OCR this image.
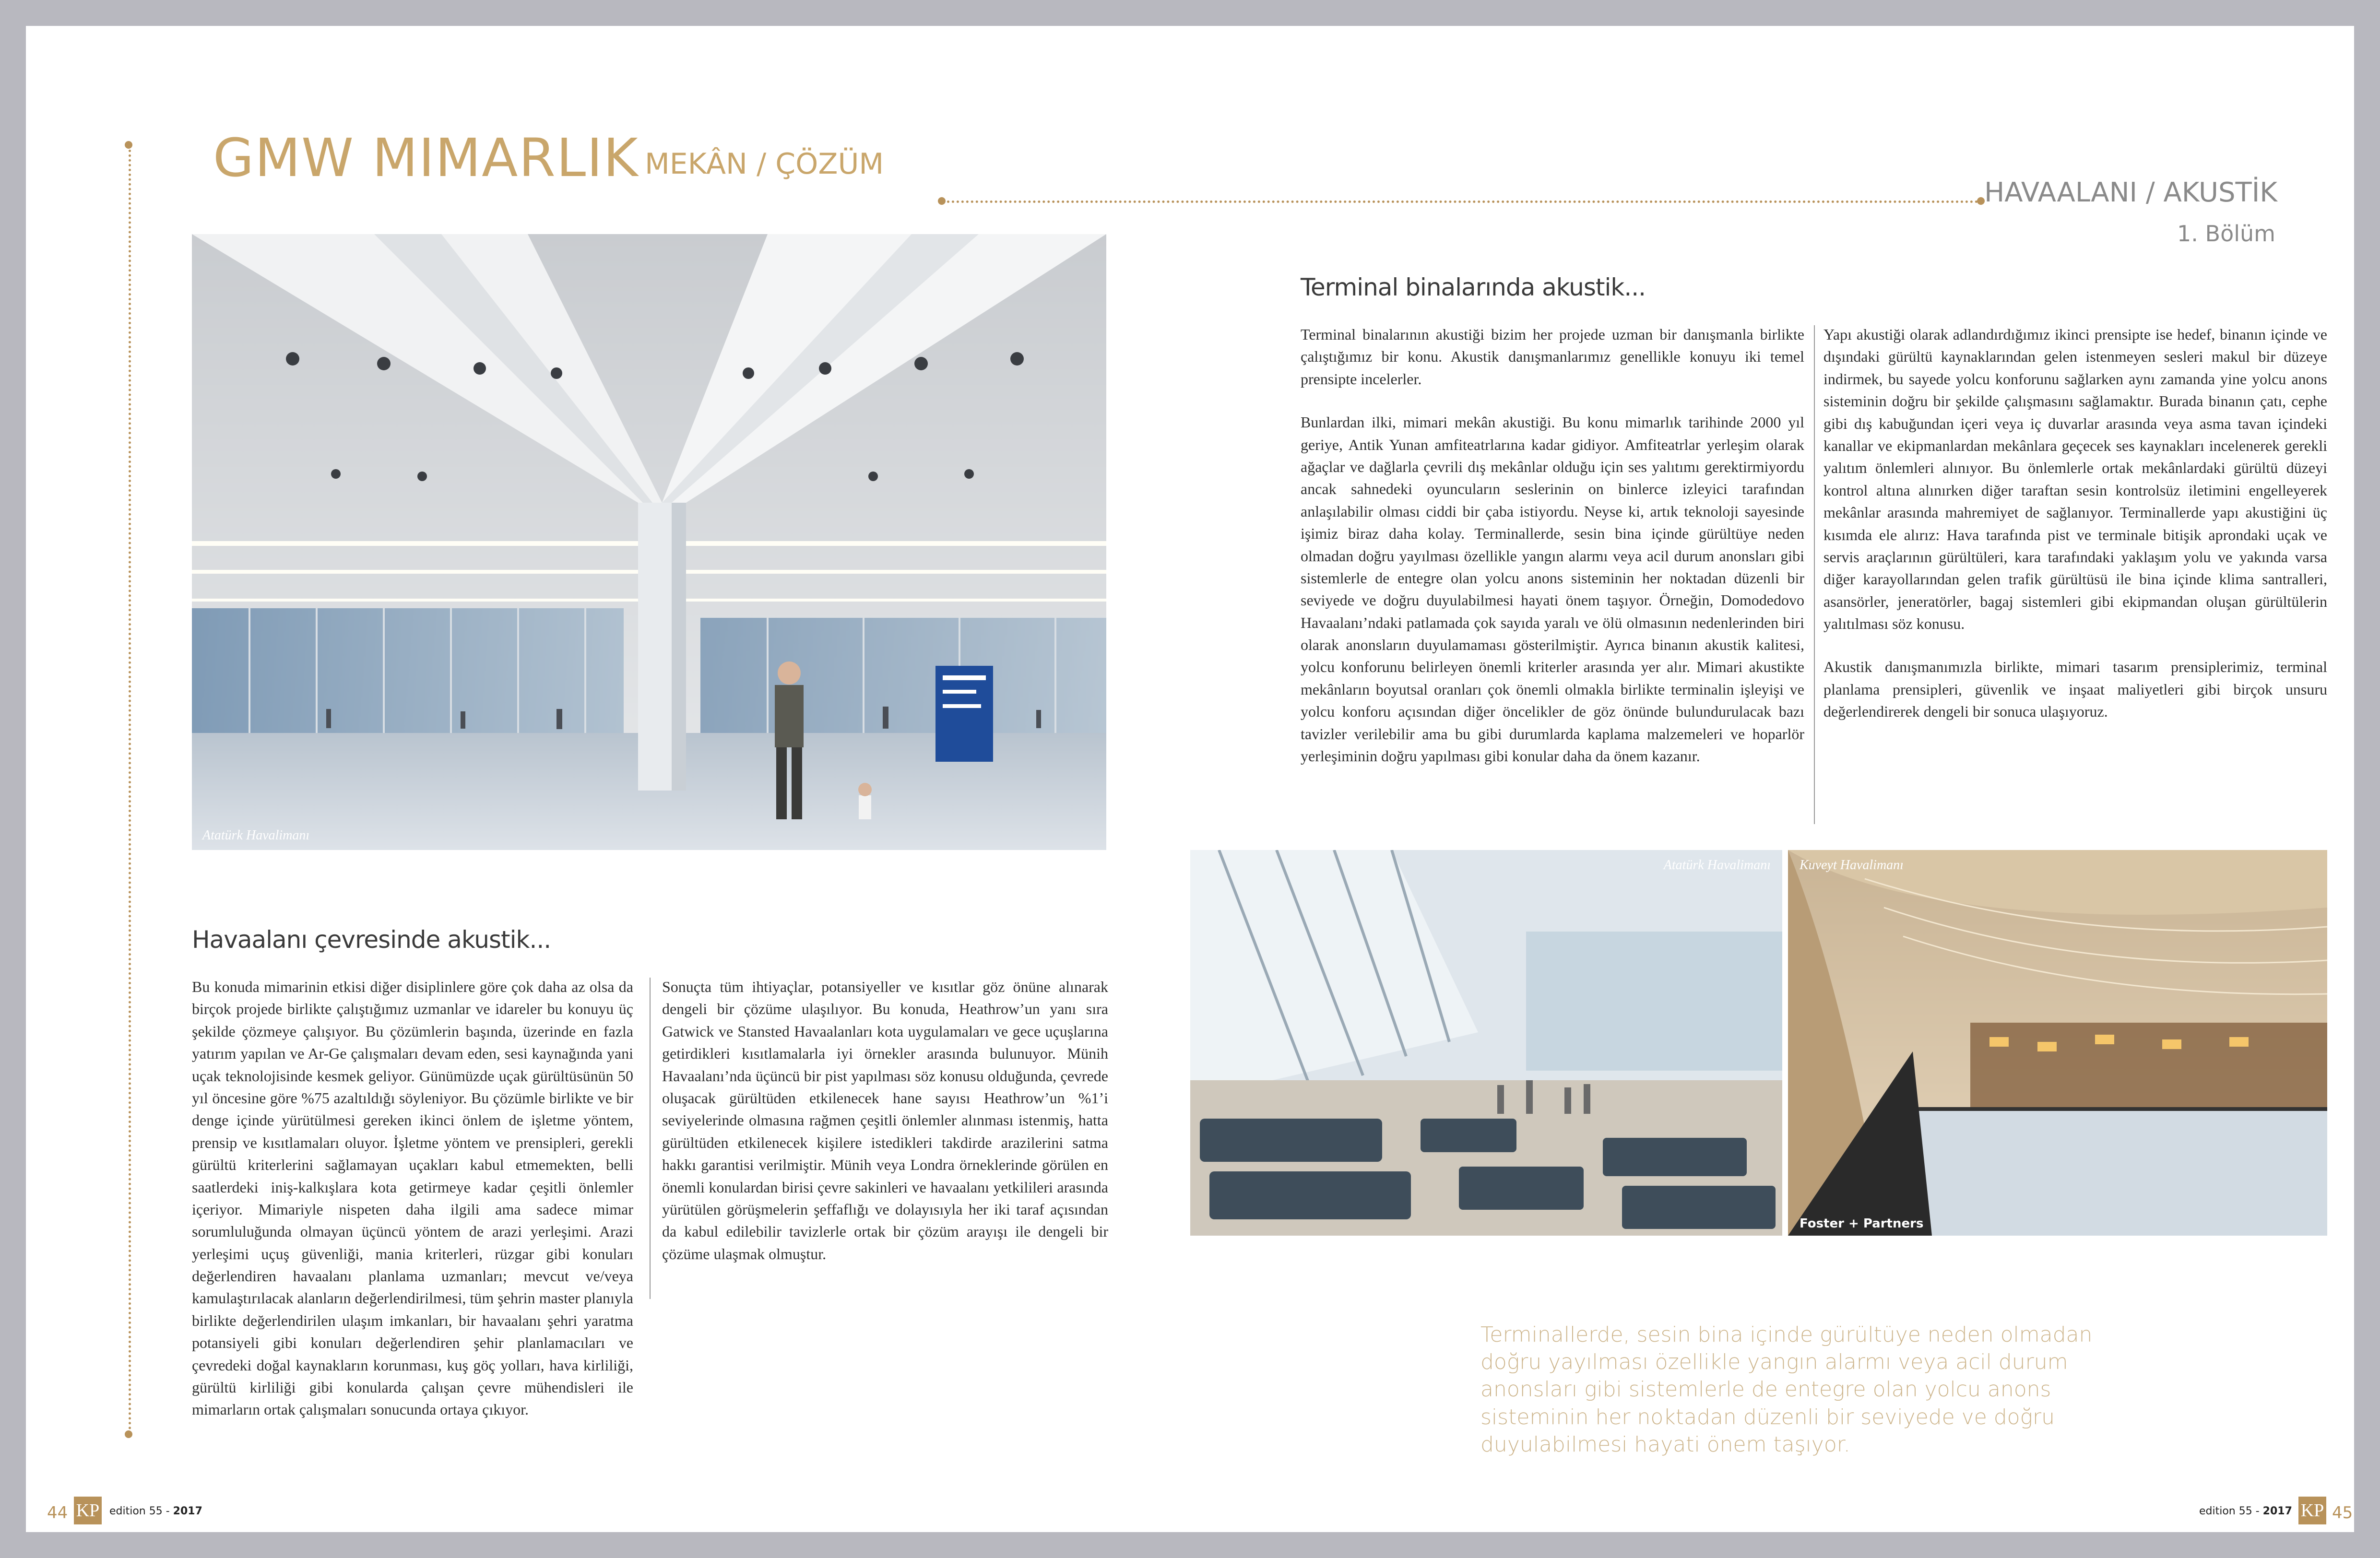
GMW MIMARLIK MEKÂN / ÇÖZÜM
Atatürk Havalimanı
Havaalanı çevresinde akustik...

Bu konuda mimarinin etkisi diğer disiplinlere göre çok daha az olsa da birçok projede birlikte çalıştığımız uzmanlar ve idareler bu konuyu üç şekilde çözmeye çalışıyor. Bu çözümlerin başında, üzerinde en fazla yatırım yapılan ve Ar-Ge çalışmaları devam eden, sesi kaynağında yani uçak teknolojisinde kesmek geliyor. Günümüzde uçak gürültüsünün 50 yıl öncesine göre %75 azaltıldığı söyleniyor. Bu çözümle birlikte ve bir denge içinde yürütülmesi gereken ikinci önlem de işletme yöntem, prensip ve kısıtlamaları oluyor. İşletme yöntem ve prensipleri, gerekli gürültü kriterlerini sağlamayan uçakları kabul etmemekten, belli saatlerdeki iniş-kalkışlara kota getirmeye kadar çeşitli önlemler içeriyor. Mimariyle nispeten daha ilgili ama sadece mimar sorumluluğunda olmayan üçüncü yöntem de arazi yerleşimi. Arazi yerleşimi uçuş güvenliği, mania kriterleri, rüzgar gibi konuları değerlendiren havaalanı planlama uzmanları; mevcut ve/veya kamulaştırılacak alanların değerlendirilmesi, tüm şehrin master planıyla birlikte değerlendirilen ulaşım imkanları, bir havaalanı şehri yaratma potansiyeli gibi konuları değerlendiren şehir planlamacıları ve çevredeki doğal kaynakların korunması, kuş göç yolları, hava kirliliği, gürültü kirliliği gibi konularda çalışan çevre mühendisleri ile mimarların ortak çalışmaları sonucunda ortaya çıkıyor.

Sonuçta tüm ihtiyaçlar, potansiyeller ve kısıtlar göz önüne alınarak dengeli bir çözüme ulaşılıyor. Bu konuda, Heathrow’un yanı sıra Gatwick ve Stansted Havaalanları kota uygulamaları ve gece uçuşlarına getirdikleri kısıtlamalarla iyi örnekler arasında bulunuyor. Münih Havaalanı’nda üçüncü bir pist yapılması söz konusu olduğunda, çevrede oluşacak gürültüden etkilenecek hane sayısı Heathrow’un %1’i seviyelerinde olmasına rağmen çeşitli önlemler alınması istenmiş, hatta gürültüden etkilenecek kişilere istedikleri takdirde arazilerini satma hakkı garantisi verilmiştir. Münih veya Londra örneklerinde görülen en önemli konulardan birisi çevre sakinleri ve havaalanı yetkilileri arasında yürütülen görüşmelerin şeffaflığı ve dolayısıyla her iki taraf açısından da kabul edilebilir tavizlerle ortak bir çözüm arayışı ile dengeli bir çözüme ulaşmak olmuştur.

44 KP edition 55 - 2017
HAVAALANI / AKUSTİK
1. Bölüm
Terminal binalarında akustik...

Terminal binalarının akustiği bizim her projede uzman bir danışmanla birlikte çalıştığımız bir konu. Akustik danışmanlarımız genellikle konuyu iki temel prensipte incelerler.

Bunlardan ilki, mimari mekân akustiği. Bu konu mimarlık tarihinde 2000 yıl geriye, Antik Yunan amfiteatrlarına kadar gidiyor. Amfiteatrlar yerleşim olarak ağaçlar ve dağlarla çevrili dış mekânlar olduğu için ses yalıtımı gerektirmiyordu ancak sahnedeki oyuncuların seslerinin on binlerce izleyici tarafından anlaşılabilir olması ciddi bir çaba istiyordu. Neyse ki, artık teknoloji sayesinde işimiz biraz daha kolay. Terminallerde, sesin bina içinde gürültüye neden olmadan doğru yayılması özellikle yangın alarmı veya acil durum anonsları gibi sistemlerle de entegre olan yolcu anons sisteminin her noktadan düzenli bir seviyede ve doğru duyulabilmesi hayati önem taşıyor. Örneğin, Domodedovo Havaalanı’ndaki patlamada çok sayıda yaralı ve ölü olmasının nedenlerinden biri olarak anonsların duyulamaması gösterilmiştir. Ayrıca binanın akustik kalitesi, yolcu konforunu belirleyen önemli kriterler arasında yer alır. Mimari akustikte mekânların boyutsal oranları çok önemli olmakla birlikte terminalin işleyişi ve yolcu konforu açısından diğer öncelikler de göz önünde bulundurulacak bazı tavizler verilebilir ama bu gibi durumlarda kaplama malzemeleri ve hoparlör yerleşiminin doğru yapılması gibi konular daha da önem kazanır.

Yapı akustiği olarak adlandırdığımız ikinci prensipte ise hedef, binanın içinde ve dışındaki gürültü kaynaklarından gelen istenmeyen sesleri makul bir düzeye indirmek, bu sayede yolcu konforunu sağlarken aynı zamanda yine yolcu anons sisteminin doğru bir şekilde çalışmasını sağlamaktır. Burada binanın çatı, cephe gibi dış kabuğundan içeri veya iç duvarlar arasında veya asma tavan içindeki kanallar ve ekipmanlardan mekânlara geçecek ses kaynakları incelenerek gerekli yalıtım önlemleri alınıyor. Bu önlemlerle ortak mekânlardaki gürültü düzeyi kontrol altına alınırken diğer taraftan sesin kontrolsüz iletimini engelleyerek mekânlar arasında mahremiyet de sağlanıyor. Terminallerde yapı akustiğini üç kısımda ele alırız: Hava tarafında pist ve terminale bitişik aprondaki uçak ve servis araçlarının gürültüleri, kara tarafındaki yaklaşım yolu ve yakında varsa diğer karayollarından gelen trafik gürültüsü ile bina içinde klima santralleri, asansörler, jeneratörler, bagaj sistemleri gibi ekipmandan oluşan gürültülerin yalıtılması söz konusu.

Akustik danışmanımızla birlikte, mimari tasarım prensiplerimiz, terminal planlama prensipleri, güvenlik ve inşaat maliyetleri gibi birçok unsuru değerlendirerek dengeli bir sonuca ulaşıyoruz.

Atatürk Havalimanı Kuveyt Havalimanı
Foster + Partners
Terminallerde, sesin bina içinde gürültüye neden olmadan doğru yayılması özellikle yangın alarmı veya acil durum anonsları gibi sistemlerle de entegre olan yolcu anons sisteminin her noktadan düzenli bir seviyede ve doğru duyulabilmesi hayati önem taşıyor.
edition 55 - 2017 KP 45
